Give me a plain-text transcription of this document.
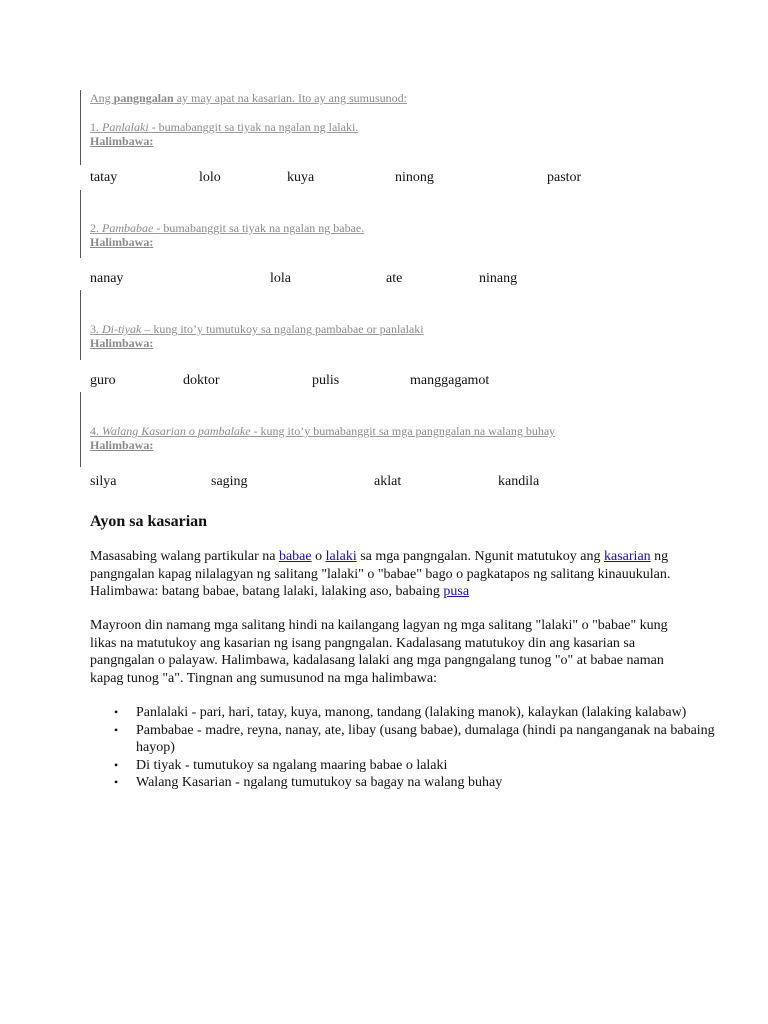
Ang pangngalan ay may apat na kasarian. Ito ay ang sumusunod:
1. Panlalaki - bumabanggit sa tiyak na ngalan ng lalaki.
Halimbawa:
tatay	lolo	kuya	ninong	pastor
2. Pambabae - bumabanggit sa tiyak na ngalan ng babae.
Halimbawa:
nanay	lola	ate	ninang
3. Di-tiyak – kung ito’y tumutukoy sa ngalang pambabae or panlalaki
Halimbawa:
guro	doktor	pulis	manggagamot
4. Walang Kasarian o pambalake - kung ito’y bumabanggit sa mga pangngalan na walang buhay
Halimbawa:
silya	saging	aklat	kandila
Ayon sa kasarian
Masasabing walang partikular na babae o lalaki sa mga pangngalan. Ngunit matutukoy ang kasarian ng pangngalan kapag nilalagyan ng salitang "lalaki" o "babae" bago o pagkatapos ng salitang kinauukulan. Halimbawa: batang babae, batang lalaki, lalaking aso, babaing pusa
Mayroon din namang mga salitang hindi na kailangang lagyan ng mga salitang "lalaki" o "babae" kung likas na matutukoy ang kasarian ng isang pangngalan. Kadalasang matutukoy din ang kasarian sa pangngalan o palayaw. Halimbawa, kadalasang lalaki ang mga pangngalang tunog "o" at babae naman kapag tunog "a". Tingnan ang sumusunod na mga halimbawa:
• Panlalaki - pari, hari, tatay, kuya, manong, tandang (lalaking manok), kalaykan (lalaking kalabaw)
• Pambabae - madre, reyna, nanay, ate, libay (usang babae), dumalaga (hindi pa nanganganak na babaing hayop)
• Di tiyak - tumutukoy sa ngalang maaring babae o lalaki
• Walang Kasarian - ngalang tumutukoy sa bagay na walang buhay
